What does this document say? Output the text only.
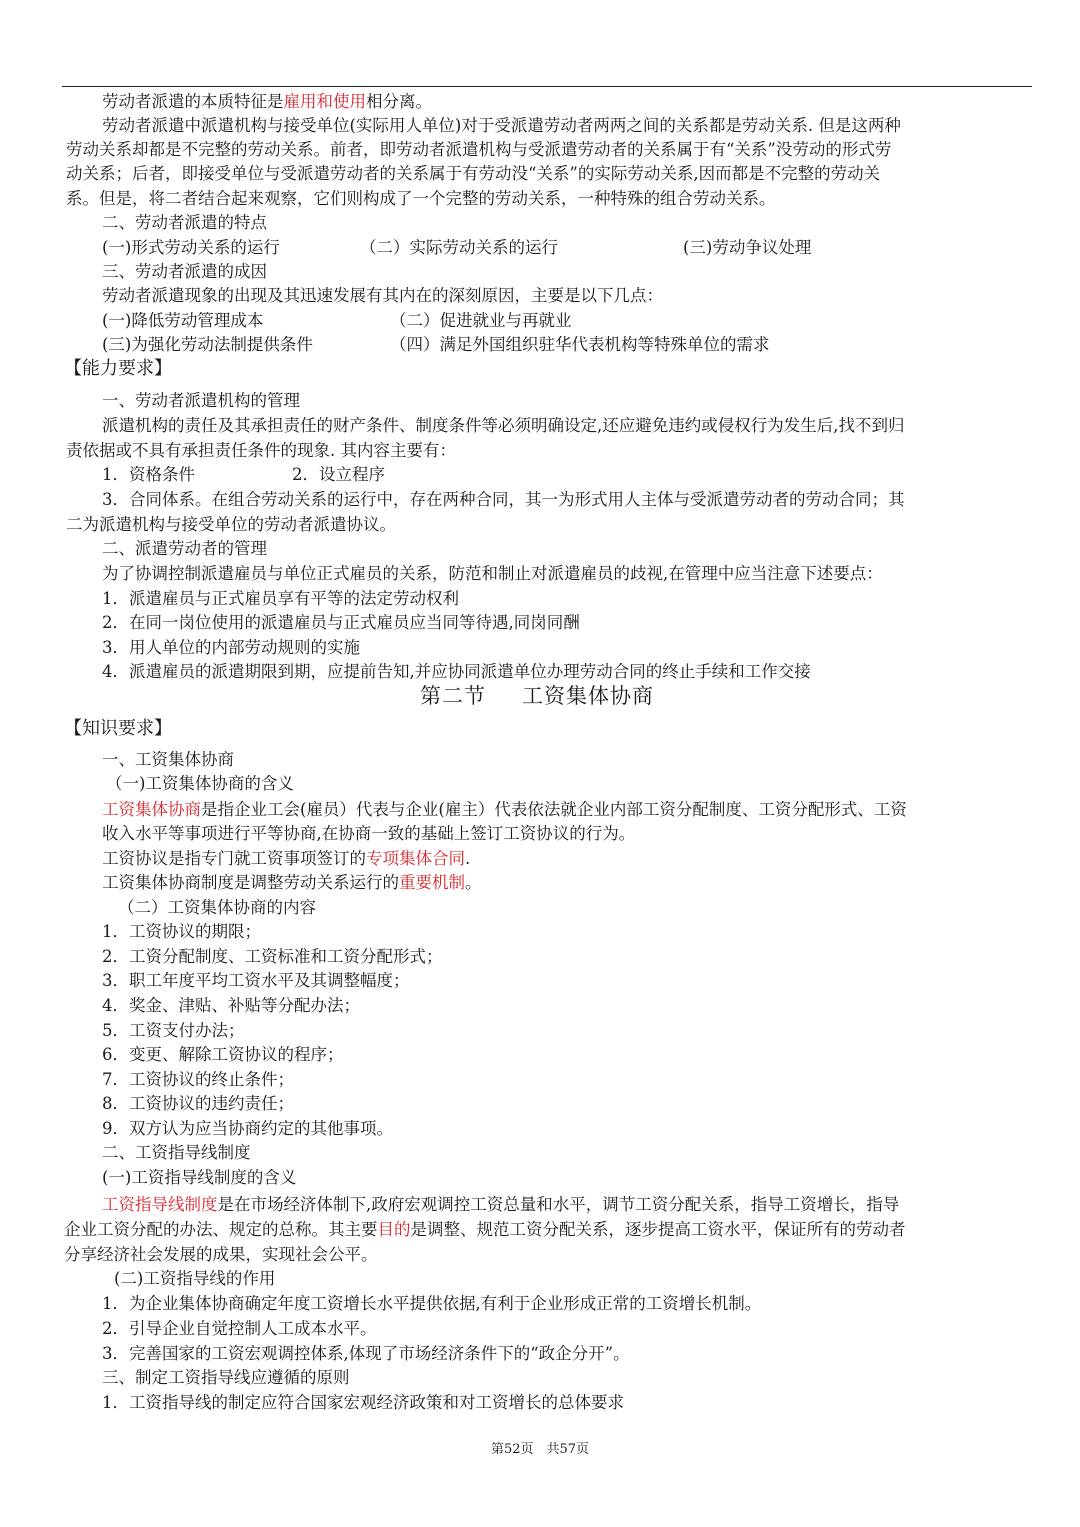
劳动者派遣的本质特征是雇用和使用相分离。
劳动者派遣中派遣机构与接受单位(实际用人单位)对于受派遣劳动者两两之间的关系都是劳动关系. 但是这两种
劳动关系却都是不完整的劳动关系。前者，即劳动者派遣机构与受派遣劳动者的关系属于有“关系”没劳动的形式劳
动关系；后者，即接受单位与受派遣劳动者的关系属于有劳动没“关系”的实际劳动关系,因而都是不完整的劳动关
系。但是，将二者结合起来观察，它们则构成了一个完整的劳动关系，一种特殊的组合劳动关系。
二、劳动者派遣的特点
(一)形式劳动关系的运行	（二）实际劳动关系的运行	(三)劳动争议处理
三、劳动者派遣的成因
劳动者派遣现象的出现及其迅速发展有其内在的深刻原因，主要是以下几点：
(一)降低劳动管理成本	（二）促进就业与再就业
(三)为强化劳动法制提供条件	（四）满足外国组织驻华代表机构等特殊单位的需求
【能力要求】
一、劳动者派遣机构的管理
派遣机构的责任及其承担责任的财产条件、制度条件等必须明确设定,还应避免违约或侵权行为发生后,找不到归
责依据或不具有承担责任条件的现象. 其内容主要有：
1．资格条件	2．设立程序
3．合同体系。在组合劳动关系的运行中，存在两种合同，其一为形式用人主体与受派遣劳动者的劳动合同；其
二为派遣机构与接受单位的劳动者派遣协议。
二、派遣劳动者的管理
为了协调控制派遣雇员与单位正式雇员的关系，防范和制止对派遣雇员的歧视,在管理中应当注意下述要点：
1．派遣雇员与正式雇员享有平等的法定劳动权利
2．在同一岗位使用的派遣雇员与正式雇员应当同等待遇,同岗同酬
3．用人单位的内部劳动规则的实施
4．派遣雇员的派遣期限到期，应提前告知,并应协同派遣单位办理劳动合同的终止手续和工作交接
第二节 工资集体协商
【知识要求】
一、工资集体协商
（一)工资集体协商的含义
工资集体协商是指企业工会(雇员）代表与企业(雇主）代表依法就企业内部工资分配制度、工资分配形式、工资
收入水平等事项进行平等协商,在协商一致的基础上签订工资协议的行为。
工资协议是指专门就工资事项签订的专项集体合同.
工资集体协商制度是调整劳动关系运行的重要机制。
（二）工资集体协商的内容
1．工资协议的期限；
2．工资分配制度、工资标准和工资分配形式；
3．职工年度平均工资水平及其调整幅度；
4．奖金、津贴、补贴等分配办法；
5．工资支付办法；
6．变更、解除工资协议的程序；
7．工资协议的终止条件；
8．工资协议的违约责任；
9．双方认为应当协商约定的其他事项。
二、工资指导线制度
(一)工资指导线制度的含义
工资指导线制度是在市场经济体制下,政府宏观调控工资总量和水平，调节工资分配关系，指导工资增长，指导
企业工资分配的办法、规定的总称。其主要目的是调整、规范工资分配关系，逐步提高工资水平，保证所有的劳动者
分享经济社会发展的成果，实现社会公平。
(二)工资指导线的作用
1．为企业集体协商确定年度工资增长水平提供依据,有利于企业形成正常的工资增长机制。
2．引导企业自觉控制人工成本水平。
3．完善国家的工资宏观调控体系,体现了市场经济条件下的“政企分开”。
三、制定工资指导线应遵循的原则
1．工资指导线的制定应符合国家宏观经济政策和对工资增长的总体要求
第52页　共57页
